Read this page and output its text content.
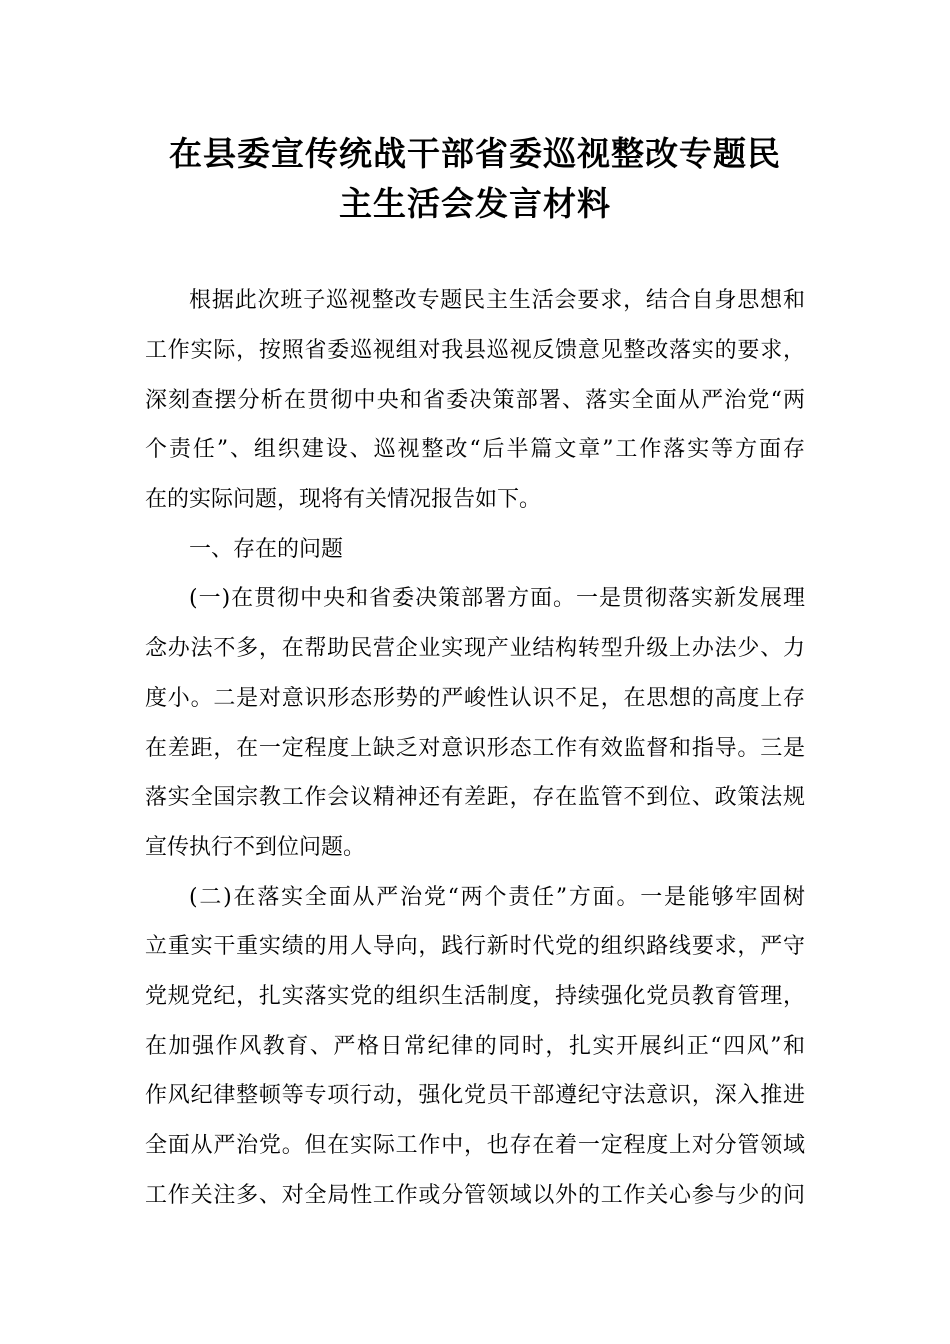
在县委宣传统战干部省委巡视整改专题民
主生活会发言材料

根据此次班子巡视整改专题民主生活会要求，结合自身思想和

工作实际，按照省委巡视组对我县巡视反馈意见整改落实的要求，

深刻查摆分析在贯彻中央和省委决策部署、落实全面从严治党“两

个责任”、组织建设、巡视整改“后半篇文章”工作落实等方面存

在的实际问题，现将有关情况报告如下。

一、存在的问题

(一)在贯彻中央和省委决策部署方面。一是贯彻落实新发展理

念办法不多，在帮助民营企业实现产业结构转型升级上办法少、力

度小。二是对意识形态形势的严峻性认识不足，在思想的高度上存

在差距，在一定程度上缺乏对意识形态工作有效监督和指导。三是

落实全国宗教工作会议精神还有差距，存在监管不到位、政策法规

宣传执行不到位问题。

(二)在落实全面从严治党“两个责任”方面。一是能够牢固树

立重实干重实绩的用人导向，践行新时代党的组织路线要求，严守

党规党纪，扎实落实党的组织生活制度，持续强化党员教育管理，

在加强作风教育、严格日常纪律的同时，扎实开展纠正“四风”和

作风纪律整顿等专项行动，强化党员干部遵纪守法意识，深入推进

全面从严治党。但在实际工作中，也存在着一定程度上对分管领域

工作关注多、对全局性工作或分管领域以外的工作关心参与少的问
